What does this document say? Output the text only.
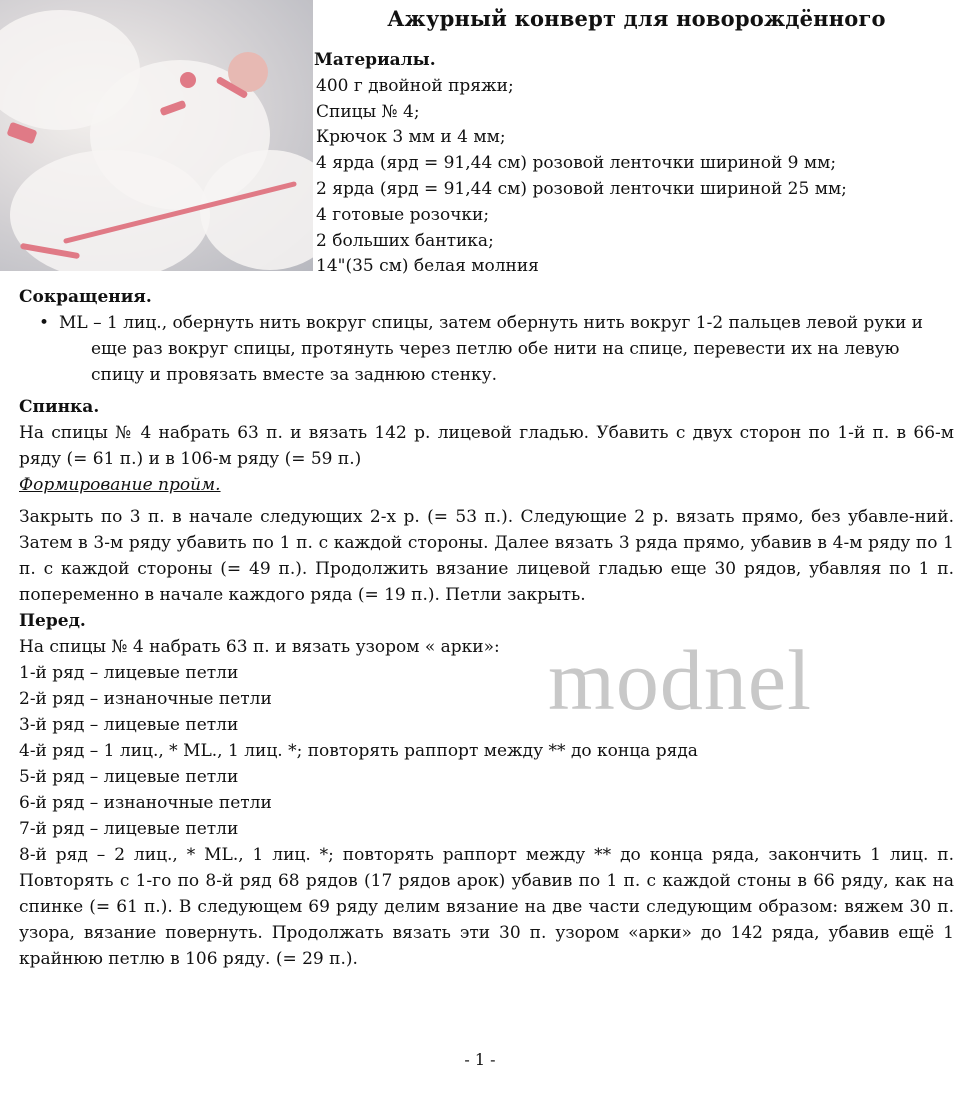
Ажурный конверт для новорождённого
Материалы.
400 г двойной пряжи;
Спицы № 4;
Крючок 3 мм и 4 мм;
4 ярда (ярд = 91,44 см) розовой ленточки шириной 9 мм;
2 ярда (ярд = 91,44 см) розовой ленточки шириной 25 мм;
4 готовые розочки;
2 больших бантика;
14"(35 см) белая молния
Сокращения.
• ML – 1 лиц., обернуть нить вокруг спицы, затем обернуть нить вокруг 1-2 пальцев левой руки и еще раз вокруг спицы, протянуть через петлю обе нити на спице, перевести их на левую спицу и провязать вместе за заднюю стенку.
Спинка.
На спицы № 4 набрать 63 п. и вязать 142 р. лицевой гладью. Убавить с двух сторон по 1-й п. в 66-м ряду (= 61 п.) и в 106-м ряду (= 59 п.)
Формирование пройм.
Закрыть по 3 п. в начале следующих 2-х р. (= 53 п.). Следующие 2 р. вязать прямо, без убавле-ний. Затем в 3-м ряду убавить по 1 п. с каждой стороны. Далее вязать 3 ряда прямо, убавив в 4-м ряду по 1 п. с каждой стороны (= 49 п.). Продолжить вязание лицевой гладью еще 30 рядов, убавляя по 1 п. попеременно в начале каждого ряда (= 19 п.). Петли закрыть.
Перед.
На спицы № 4 набрать 63 п. и вязать узором « арки»:
1-й ряд – лицевые петли
2-й ряд – изнаночные петли
3-й ряд – лицевые петли
4-й ряд – 1 лиц., * ML., 1 лиц. *; повторять раппорт между ** до конца ряда
5-й ряд – лицевые петли
6-й ряд – изнаночные петли
7-й ряд – лицевые петли
8-й ряд – 2 лиц., * ML., 1 лиц. *; повторять раппорт между ** до конца ряда, закончить 1 лиц. п. Повторять с 1-го по 8-й ряд 68 рядов (17 рядов арок) убавив по 1 п. с каждой стоны в 66 ряду, как на спинке (= 61 п.). В следующем 69 ряду делим вязание на две части следующим образом: вяжем 30 п. узора, вязание повернуть. Продолжать вязать эти 30 п. узором «арки» до 142 ряда, убавив ещё 1 крайнюю петлю в 106 ряду. (= 29 п.).
modnel
- 1 -
